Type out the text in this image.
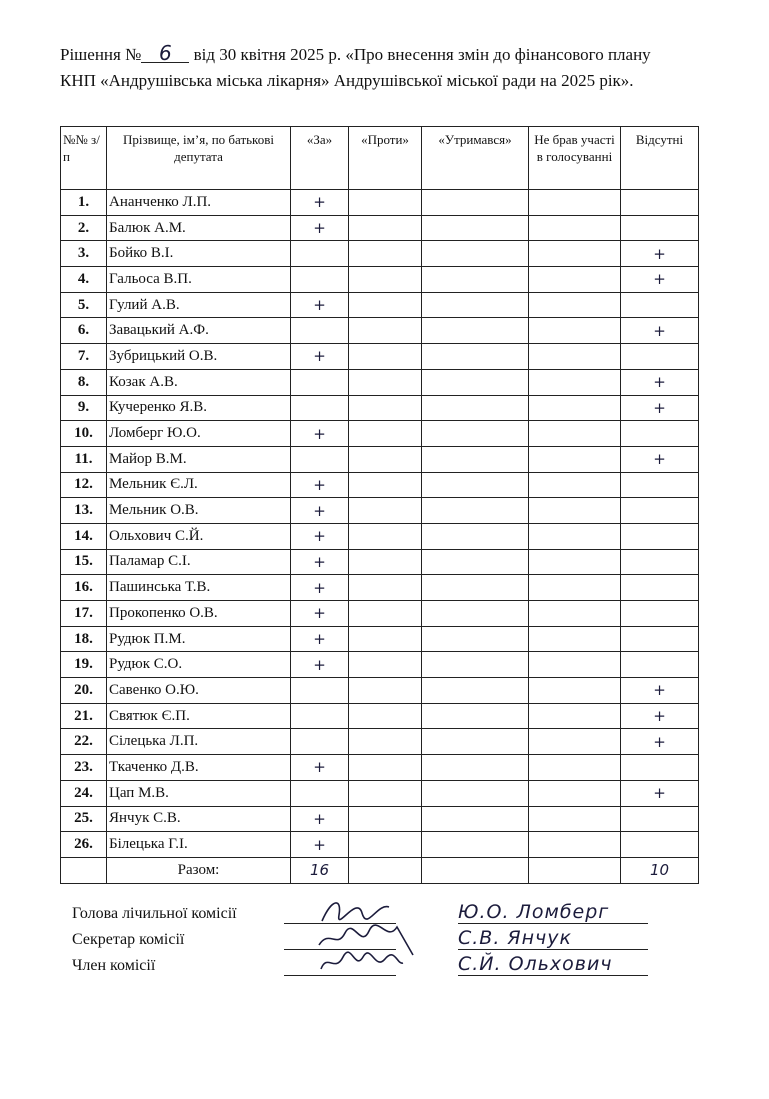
Рішення № 6 від 30 квітня 2025 р. «Про внесення змін до фінансового плану
КНП «Андрушівська міська лікарня» Андрушівської міської ради на 2025 рік».
№№ з/п	Прізвище, ім’я, по батькові депутата	«За»	«Проти»	«Утримався»	Не брав участі в голосуванні	Відсутні
1.	Ананченко Л.П.	+				
2.	Балюк А.М.	+				
3.	Бойко В.І.					+
4.	Гальоса В.П.					+
5.	Гулий А.В.	+				
6.	Завацький А.Ф.					+
7.	Зубрицький О.В.	+				
8.	Козак А.В.					+
9.	Кучеренко Я.В.					+
10.	Ломберг Ю.О.	+				
11.	Майор В.М.					+
12.	Мельник Є.Л.	+				
13.	Мельник О.В.	+				
14.	Ольхович С.Й.	+				
15.	Паламар С.І.	+				
16.	Пашинська Т.В.	+				
17.	Прокопенко О.В.	+				
18.	Рудюк П.М.	+				
19.	Рудюк С.О.	+				
20.	Савенко О.Ю.					+
21.	Святюк Є.П.					+
22.	Сілецька Л.П.					+
23.	Ткаченко Д.В.	+				
24.	Цап М.В.					+
25.	Янчук С.В.	+				
26.	Білецька Г.І.	+				
	Разом:	16				10
Голова лічильної комісії	Ю.О. Ломберг
Секретар комісії	С.В. Янчук
Член комісії	С.Й. Ольхович
